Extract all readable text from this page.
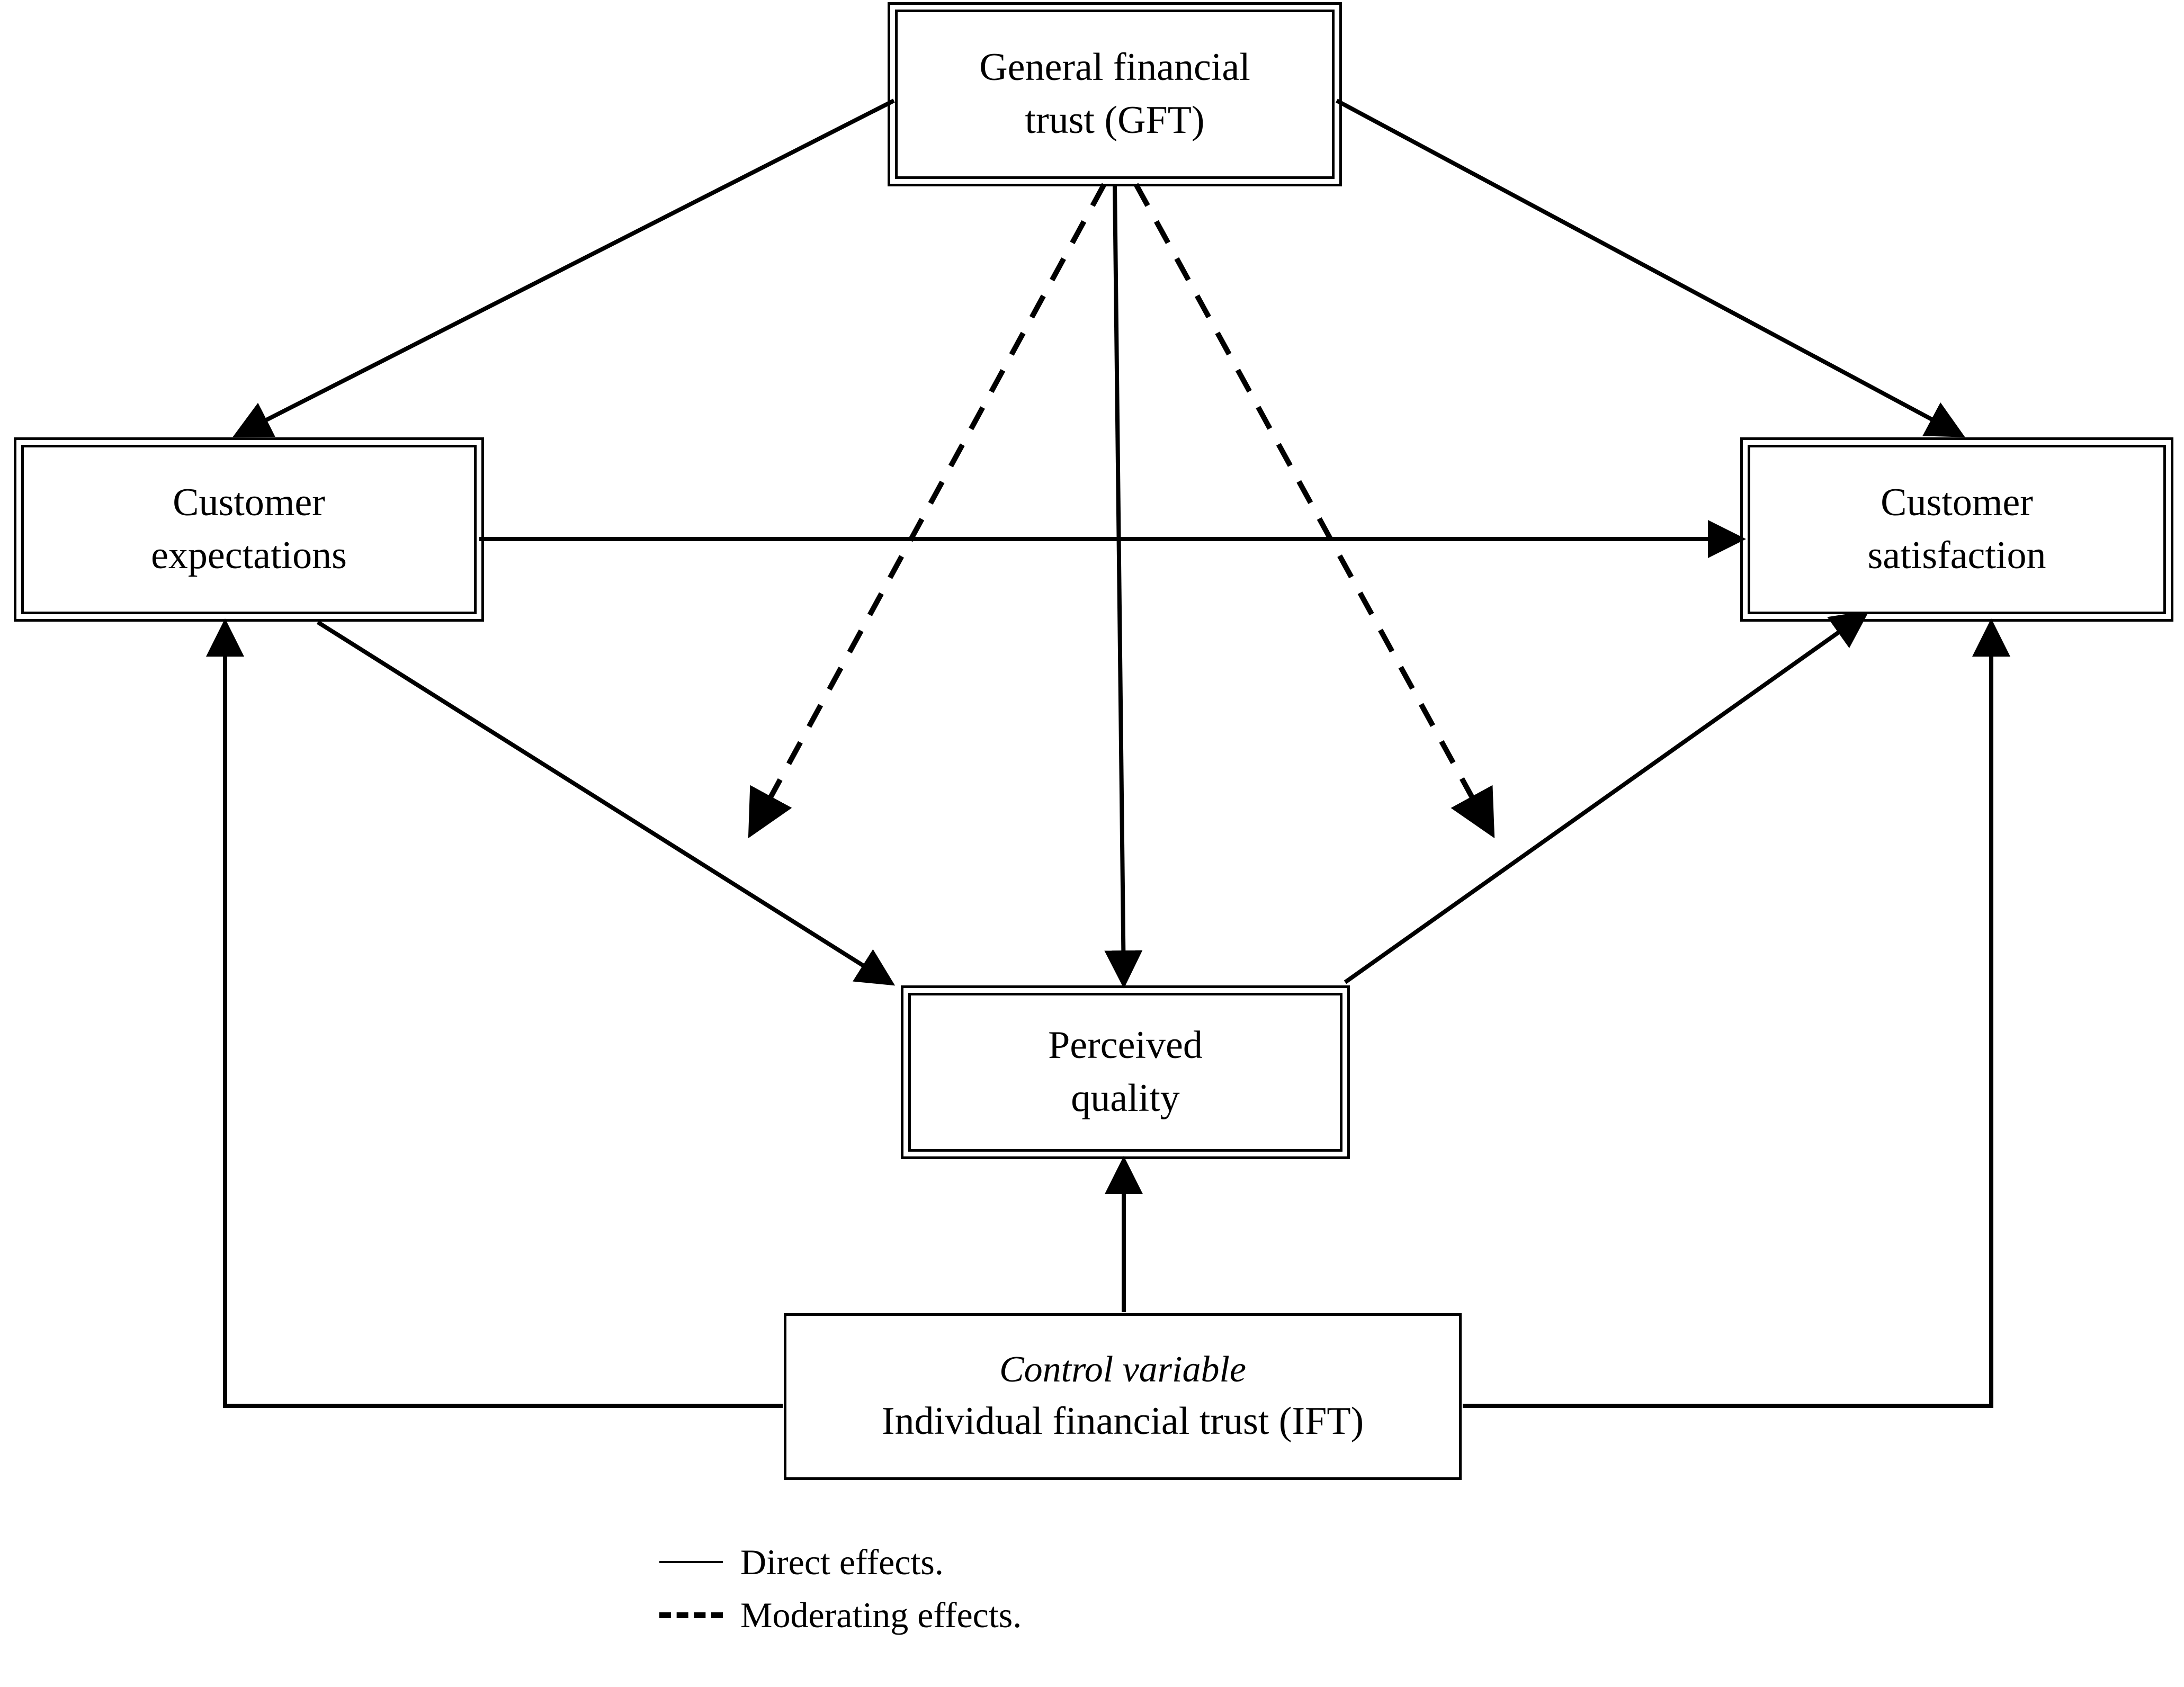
General financial
trust (GFT)
Customer
expectations
Customer
satisfaction
Perceived
quality
Control variable
Individual financial trust (IFT)
Direct effects.
Moderating effects.
